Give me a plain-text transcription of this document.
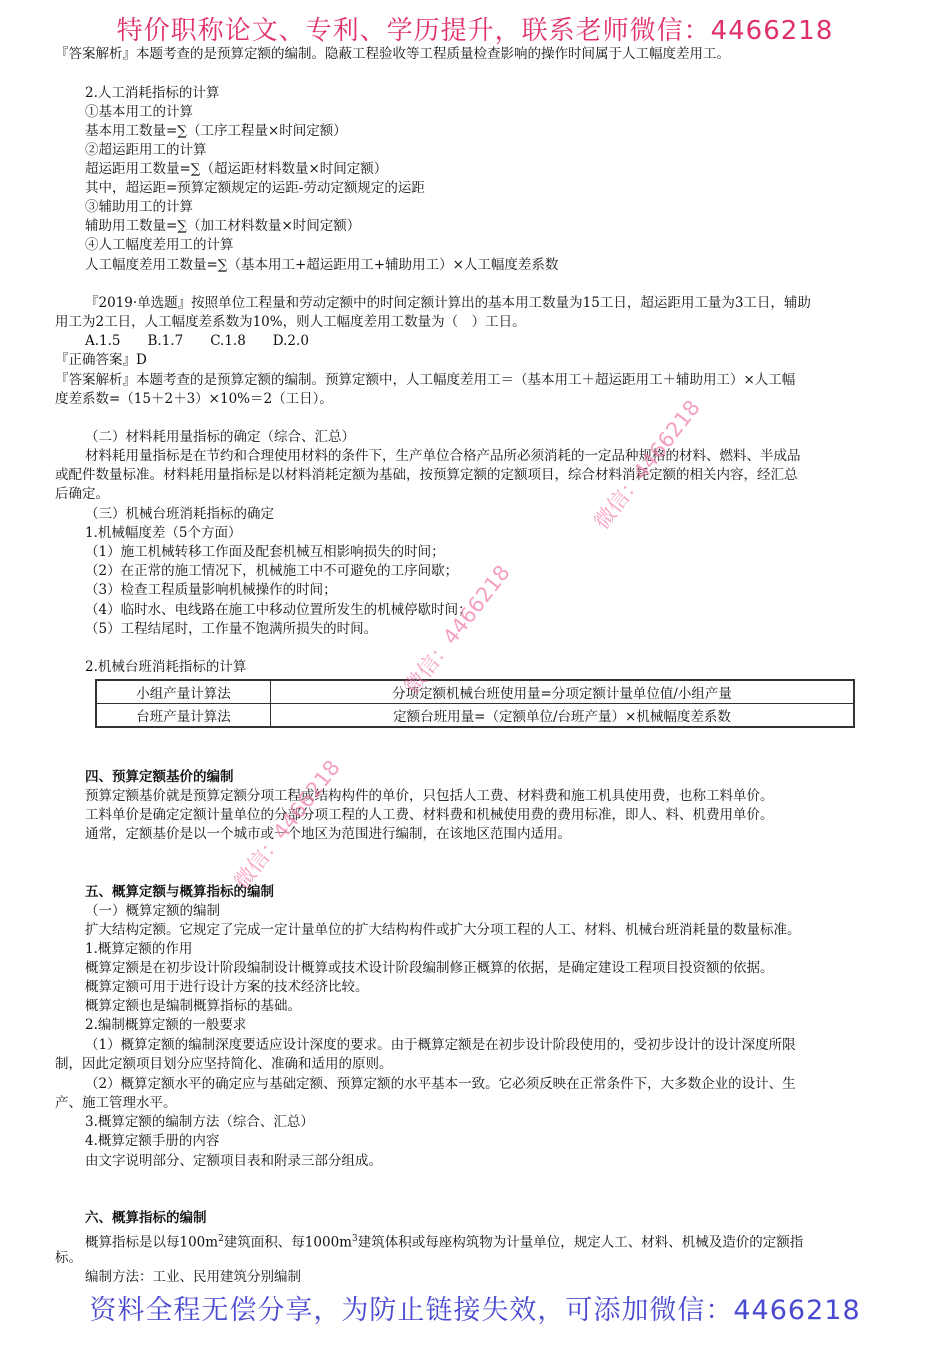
特价职称论文、专利、学历提升，联系老师微信：4466218
『答案解析』本题考查的是预算定额的编制。隐蔽工程验收等工程质量检查影响的操作时间属于人工幅度差用工。
2.人工消耗指标的计算
①基本用工的计算
基本用工数量=∑（工序工程量×时间定额）
②超运距用工的计算
超运距用工数量=∑（超运距材料数量×时间定额）
其中，超运距=预算定额规定的运距-劳动定额规定的运距
③辅助用工的计算
辅助用工数量=∑（加工材料数量×时间定额）
④人工幅度差用工的计算
人工幅度差用工数量=∑（基本用工+超运距用工+辅助用工）×人工幅度差系数
『2019·单选题』按照单位工程量和劳动定额中的时间定额计算出的基本用工数量为15工日，超运距用工量为3工日，辅助
用工为2工日，人工幅度差系数为10%，则人工幅度差用工数量为（　）工日。
A.1.5　　B.1.7　　C.1.8　　D.2.0
『正确答案』D
『答案解析』本题考查的是预算定额的编制。预算定额中，人工幅度差用工＝（基本用工＋超运距用工＋辅助用工）×人工幅
度差系数=（15＋2＋3）×10%＝2（工日）。
（二）材料耗用量指标的确定（综合、汇总）
材料耗用量指标是在节约和合理使用材料的条件下，生产单位合格产品所必须消耗的一定品种规格的材料、燃料、半成品
或配件数量标准。材料耗用量指标是以材料消耗定额为基础，按预算定额的定额项目，综合材料消耗定额的相关内容，经汇总
后确定。
（三）机械台班消耗指标的确定
1.机械幅度差（5个方面）
（1）施工机械转移工作面及配套机械互相影响损失的时间；
（2）在正常的施工情况下，机械施工中不可避免的工序间歇；
（3）检查工程质量影响机械操作的时间；
（4）临时水、电线路在施工中移动位置所发生的机械停歇时间；
（5）工程结尾时，工作量不饱满所损失的时间。
2.机械台班消耗指标的计算
小组产量计算法	分项定额机械台班使用量=分项定额计量单位值/小组产量
台班产量计算法	定额台班用量=（定额单位/台班产量）×机械幅度差系数
四、预算定额基价的编制
预算定额基价就是预算定额分项工程或结构构件的单价，只包括人工费、材料费和施工机具使用费，也称工料单价。
工料单价是确定定额计量单位的分部分项工程的人工费、材料费和机械使用费的费用标准，即人、料、机费用单价。
通常，定额基价是以一个城市或一个地区为范围进行编制，在该地区范围内适用。
五、概算定额与概算指标的编制
（一）概算定额的编制
扩大结构定额。它规定了完成一定计量单位的扩大结构构件或扩大分项工程的人工、材料、机械台班消耗量的数量标准。
1.概算定额的作用
概算定额是在初步设计阶段编制设计概算或技术设计阶段编制修正概算的依据，是确定建设工程项目投资额的依据。
概算定额可用于进行设计方案的技术经济比较。
概算定额也是编制概算指标的基础。
2.编制概算定额的一般要求
（1）概算定额的编制深度要适应设计深度的要求。由于概算定额是在初步设计阶段使用的，受初步设计的设计深度所限
制，因此定额项目划分应坚持简化、准确和适用的原则。
（2）概算定额水平的确定应与基础定额、预算定额的水平基本一致。它必须反映在正常条件下，大多数企业的设计、生
产、施工管理水平。
3.概算定额的编制方法（综合、汇总）
4.概算定额手册的内容
由文字说明部分、定额项目表和附录三部分组成。
六、概算指标的编制
概算指标是以每$100m^2$建筑面积、每$1000m^3$建筑体积或每座构筑物为计量单位，规定人工、材料、机械及造价的定额指
标。
编制方法：工业、民用建筑分别编制
资料全程无偿分享，为防止链接失效，可添加微信：4466218
微信：4466218
微信：4466218
微信：4466218
